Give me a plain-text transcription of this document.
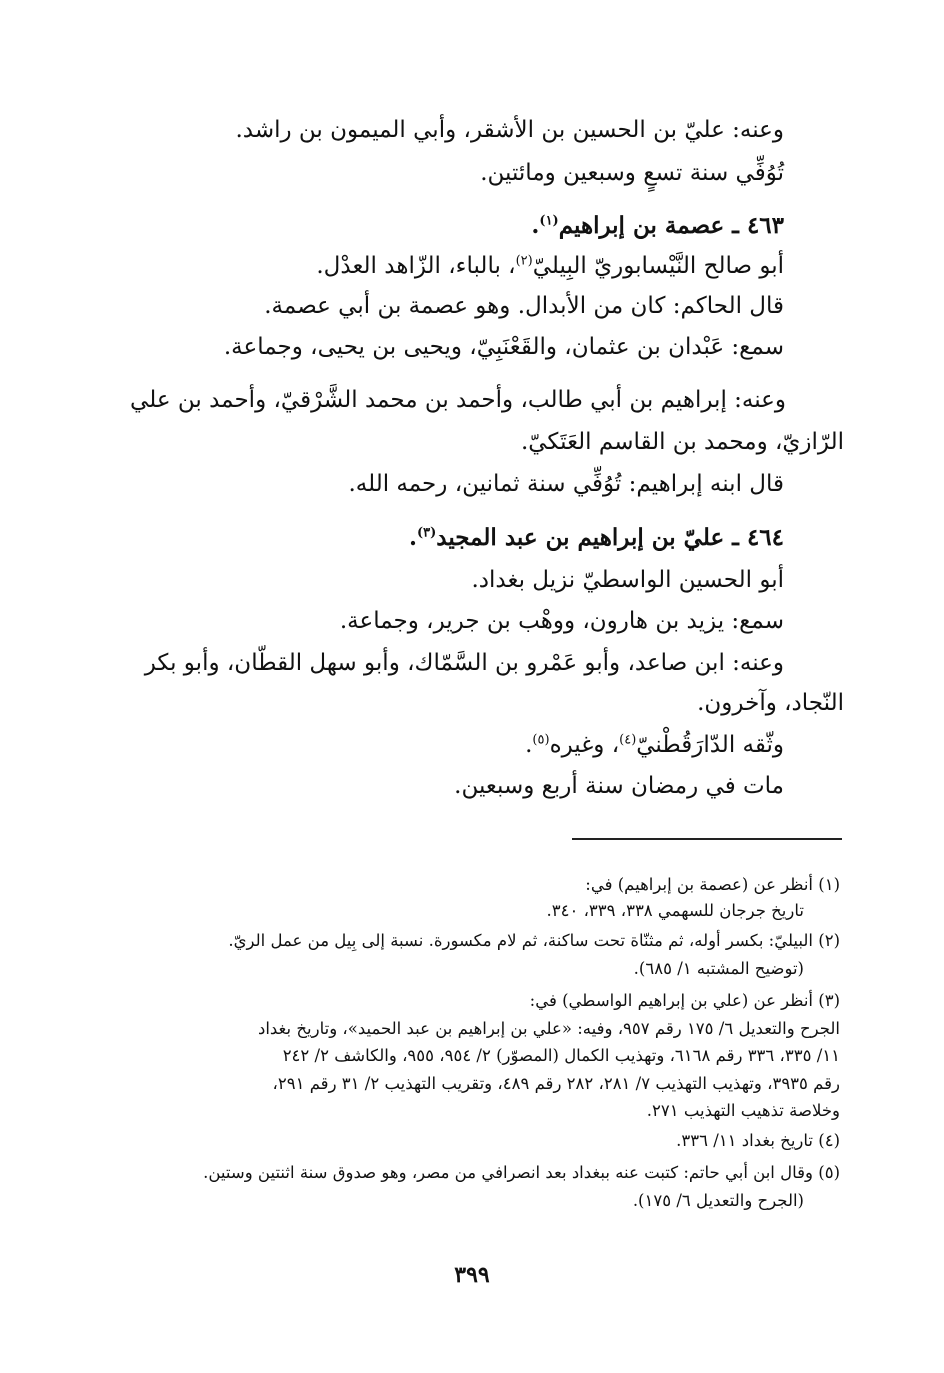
وعنه: عليّ بن الحسين بن الأشقر، وأبي الميمون بن راشد.
تُوُفِّي سنة تسعٍ وسبعين ومائتين.
٤٦٣ ـ عصمة بن إبراهيم$^{(١)}$.
أبو صالح النَّيْسابوريّ البِيليّ$^{(٢)}$، بالباء، الزّاهد العدْل.
قال الحاكم: كان من الأبدال. وهو عصمة بن أبي عصمة.
سمع: عَبْدان بن عثمان، والقَعْنَبِيّ، ويحيى بن يحيى، وجماعة.
وعنه: إبراهيم بن أبي طالب، وأحمد بن محمد الشَّرْقيّ، وأحمد بن علي
الرّازيّ، ومحمد بن القاسم العَتَكيّ.
قال ابنه إبراهيم: تُوُفِّي سنة ثمانين، رحمه الله.
٤٦٤ ـ عليّ بن إبراهيم بن عبد المجيد$^{(٣)}$.
أبو الحسين الواسطيّ نزيل بغداد.
سمع: يزيد بن هارون، ووهْب بن جرير، وجماعة.
وعنه: ابن صاعد، وأبو عَمْرو بن السَّمّاك، وأبو سهل القطّان، وأبو بكر
النّجاد، وآخرون.
وثّقه الدّارَقُطْنيّ$^{(٤)}$، وغيره$^{(٥)}$.
مات في رمضان سنة أربع وسبعين.
(١) أنظر عن (عصمة بن إبراهيم) في:
تاريخ جرجان للسهمي ٣٣٨، ٣٣٩، ٣٤٠.
(٢) البيليّ: بكسر أوله، ثم مثنّاة تحت ساكنة، ثم لام مكسورة. نسبة إلى بِيل من عمل الريّ.
(توضيح المشتبه ١/ ٦٨٥).
(٣) أنظر عن (علي بن إبراهيم الواسطي) في:
الجرح والتعديل ٦/ ١٧٥ رقم ٩٥٧، وفيه: «علي بن إبراهيم بن عبد الحميد»، وتاريخ بغداد
١١/ ٣٣٥، ٣٣٦ رقم ٦١٦٨، وتهذيب الكمال (المصوّر) ٢/ ٩٥٤، ٩٥٥، والكاشف ٢/ ٢٤٢
رقم ٣٩٣٥، وتهذيب التهذيب ٧/ ٢٨١، ٢٨٢ رقم ٤٨٩، وتقريب التهذيب ٢/ ٣١ رقم ٢٩١،
وخلاصة تذهيب التهذيب ٢٧١.
(٤) تاريخ بغداد ١١/ ٣٣٦.
(٥) وقال ابن أبي حاتم: كتبت عنه ببغداد بعد انصرافي من مصر، وهو صدوق سنة اثنتين وستين.
(الجرح والتعديل ٦/ ١٧٥).
٣٩٩
